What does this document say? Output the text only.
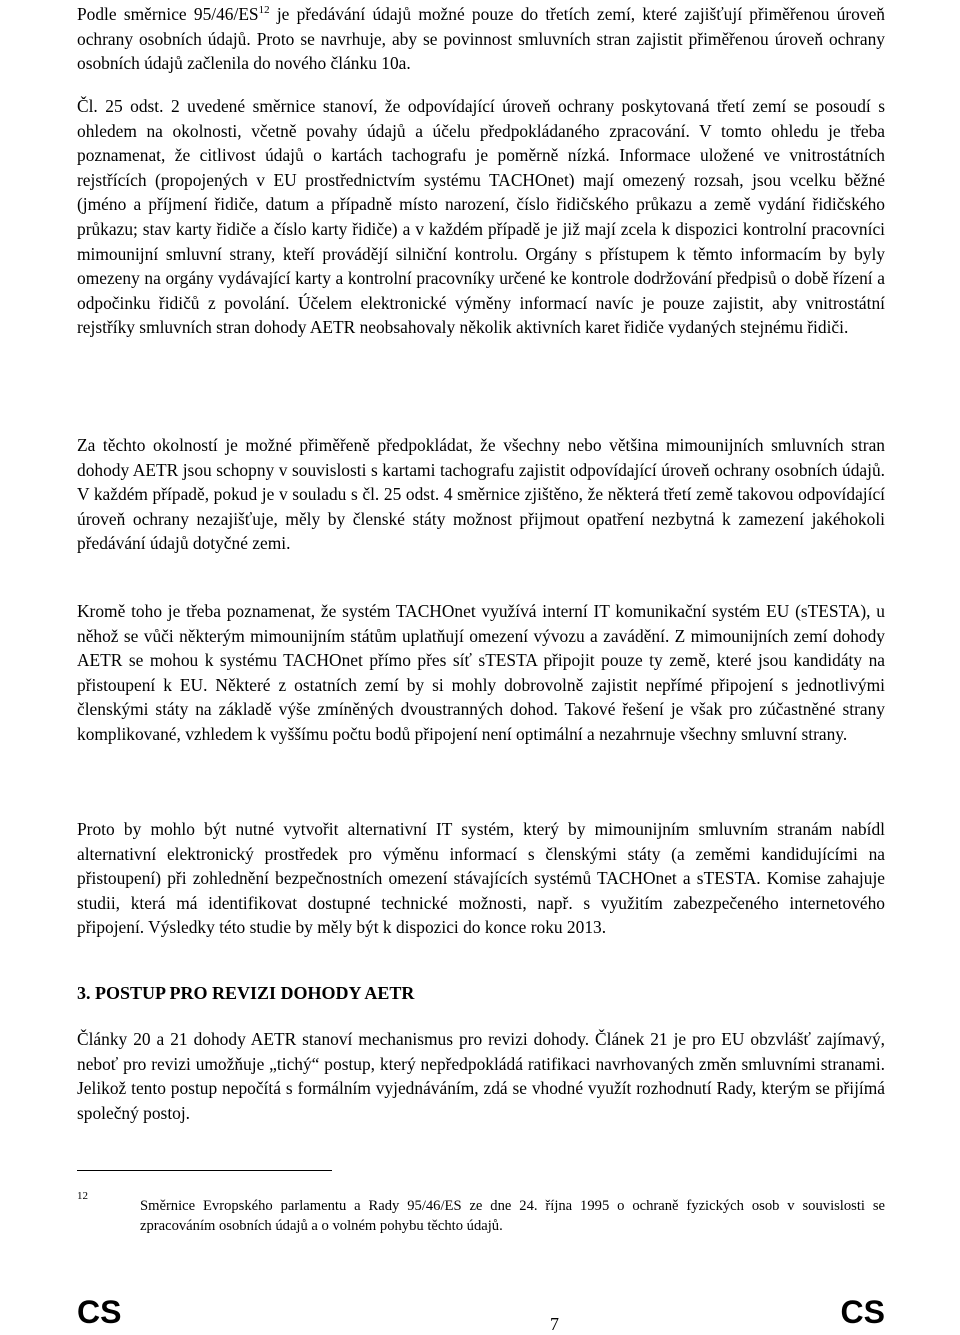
Podle směrnice 95/46/ES$^{12}$ je předávání údajů možné pouze do třetích zemí, které zajišťují přiměřenou úroveň ochrany osobních údajů. Proto se navrhuje, aby se povinnost smluvních stran zajistit přiměřenou úroveň ochrany osobních údajů začlenila do nového článku 10a.

Čl. 25 odst. 2 uvedené směrnice stanoví, že odpovídající úroveň ochrany poskytovaná třetí zemí se posoudí s ohledem na okolnosti, včetně povahy údajů a účelu předpokládaného zpracování. V tomto ohledu je třeba poznamenat, že citlivost údajů o kartách tachografu je poměrně nízká. Informace uložené ve vnitrostátních rejstřících (propojených v EU prostřednictvím systému TACHOnet) mají omezený rozsah, jsou vcelku běžné (jméno a příjmení řidiče, datum a případně místo narození, číslo řidičského průkazu a země vydání řidičského průkazu; stav karty řidiče a číslo karty řidiče) a v každém případě je již mají zcela k dispozici kontrolní pracovníci mimounijní smluvní strany, kteří provádějí silniční kontrolu. Orgány s přístupem k těmto informacím by byly omezeny na orgány vydávající karty a kontrolní pracovníky určené ke kontrole dodržování předpisů o době řízení a odpočinku řidičů z povolání. Účelem elektronické výměny informací navíc je pouze zajistit, aby vnitrostátní rejstříky smluvních stran dohody AETR neobsahovaly několik aktivních karet řidiče vydaných stejnému řidiči.

Za těchto okolností je možné přiměřeně předpokládat, že všechny nebo většina mimounijních smluvních stran dohody AETR jsou schopny v souvislosti s kartami tachografu zajistit odpovídající úroveň ochrany osobních údajů. V každém případě, pokud je v souladu s čl. 25 odst. 4 směrnice zjištěno, že některá třetí země takovou odpovídající úroveň ochrany nezajišťuje, měly by členské státy možnost přijmout opatření nezbytná k zamezení jakéhokoli předávání údajů dotyčné zemi.

Kromě toho je třeba poznamenat, že systém TACHOnet využívá interní IT komunikační systém EU (sTESTA), u něhož se vůči některým mimounijním státům uplatňují omezení vývozu a zavádění. Z mimounijních zemí dohody AETR se mohou k systému TACHOnet přímo přes síť sTESTA připojit pouze ty země, které jsou kandidáty na přistoupení k EU. Některé z ostatních zemí by si mohly dobrovolně zajistit nepřímé připojení s jednotlivými členskými státy na základě výše zmíněných dvoustranných dohod. Takové řešení je však pro zúčastněné strany komplikované, vzhledem k vyššímu počtu bodů připojení není optimální a nezahrnuje všechny smluvní strany.

Proto by mohlo být nutné vytvořit alternativní IT systém, který by mimounijním smluvním stranám nabídl alternativní elektronický prostředek pro výměnu informací s členskými státy (a zeměmi kandidujícími na přistoupení) při zohlednění bezpečnostních omezení stávajících systémů TACHOnet a sTESTA. Komise zahajuje studii, která má identifikovat dostupné technické možnosti, např. s využitím zabezpečeného internetového připojení. Výsledky této studie by měly být k dispozici do konce roku 2013.

3. POSTUP PRO REVIZI DOHODY AETR

Články 20 a 21 dohody AETR stanoví mechanismus pro revizi dohody. Článek 21 je pro EU obzvlášť zajímavý, neboť pro revizi umožňuje „tichý“ postup, který nepředpokládá ratifikaci navrhovaných změn smluvními stranami. Jelikož tento postup nepočítá s formálním vyjednáváním, zdá se vhodné využít rozhodnutí Rady, kterým se přijímá společný postoj.

12

Směrnice Evropského parlamentu a Rady 95/46/ES ze dne 24. října 1995 o ochraně fyzických osob v souvislosti se zpracováním osobních údajů a o volném pohybu těchto údajů.

CS	7	CS
